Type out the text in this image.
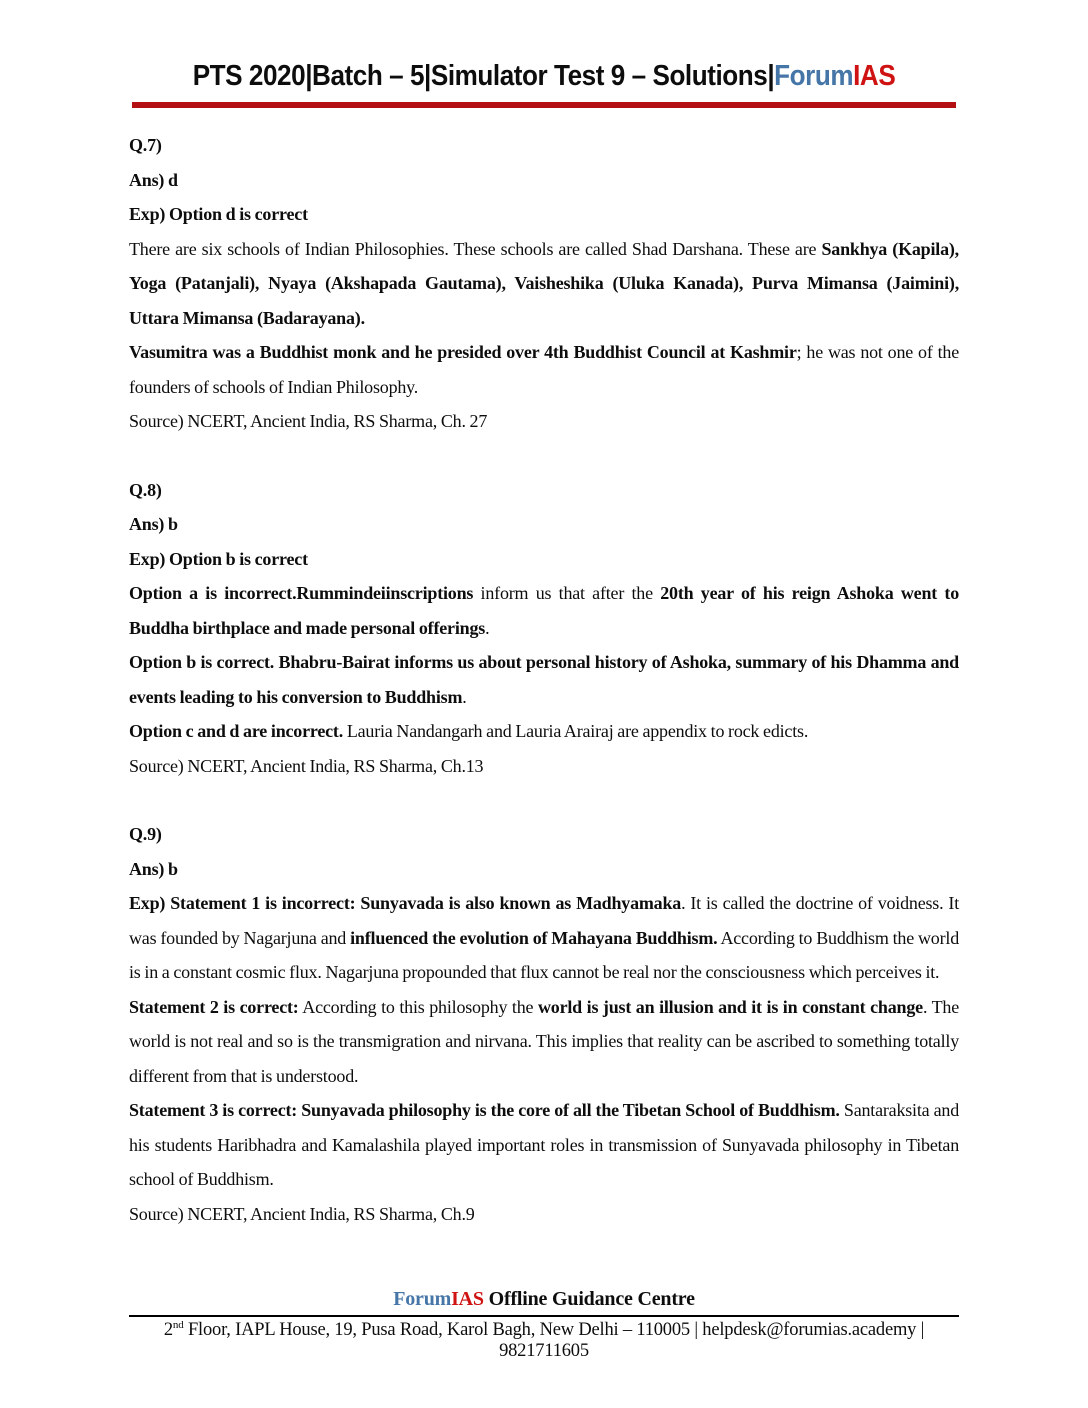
PTS 2020|Batch – 5|Simulator Test 9 – Solutions|ForumIAS

Q.7)

Ans) d

Exp) Option d is correct

There are six schools of Indian Philosophies. These schools are called Shad Darshana. These are Sankhya (Kapila), Yoga (Patanjali), Nyaya (Akshapada Gautama), Vaisheshika (Uluka Kanada), Purva Mimansa (Jaimini), Uttara Mimansa (Badarayana).

Vasumitra was a Buddhist monk and he presided over 4th Buddhist Council at Kashmir; he was not one of the founders of schools of Indian Philosophy.

Source) NCERT, Ancient India, RS Sharma, Ch. 27

Q.8)

Ans) b

Exp) Option b is correct

Option a is incorrect.Rummindeiinscriptions inform us that after the 20th year of his reign Ashoka went to Buddha birthplace and made personal offerings.

Option b is correct. Bhabru-Bairat informs us about personal history of Ashoka, summary of his Dhamma and events leading to his conversion to Buddhism.

Option c and d are incorrect. Lauria Nandangarh and Lauria Arairaj are appendix to rock edicts.

Source) NCERT, Ancient India, RS Sharma, Ch.13

Q.9)

Ans) b

Exp) Statement 1 is incorrect: Sunyavada is also known as Madhyamaka. It is called the doctrine of voidness. It was founded by Nagarjuna and influenced the evolution of Mahayana Buddhism. According to Buddhism the world is in a constant cosmic flux. Nagarjuna propounded that flux cannot be real nor the consciousness which perceives it.

Statement 2 is correct: According to this philosophy the world is just an illusion and it is in constant change. The world is not real and so is the transmigration and nirvana. This implies that reality can be ascribed to something totally different from that is understood.

Statement 3 is correct: Sunyavada philosophy is the core of all the Tibetan School of Buddhism. Santaraksita and his students Haribhadra and Kamalashila played important roles in transmission of Sunyavada philosophy in Tibetan school of Buddhism.

Source) NCERT, Ancient India, RS Sharma, Ch.9

ForumIAS Offline Guidance Centre
2nd Floor, IAPL House, 19, Pusa Road, Karol Bagh, New Delhi – 110005 | helpdesk@forumias.academy | 9821711605
